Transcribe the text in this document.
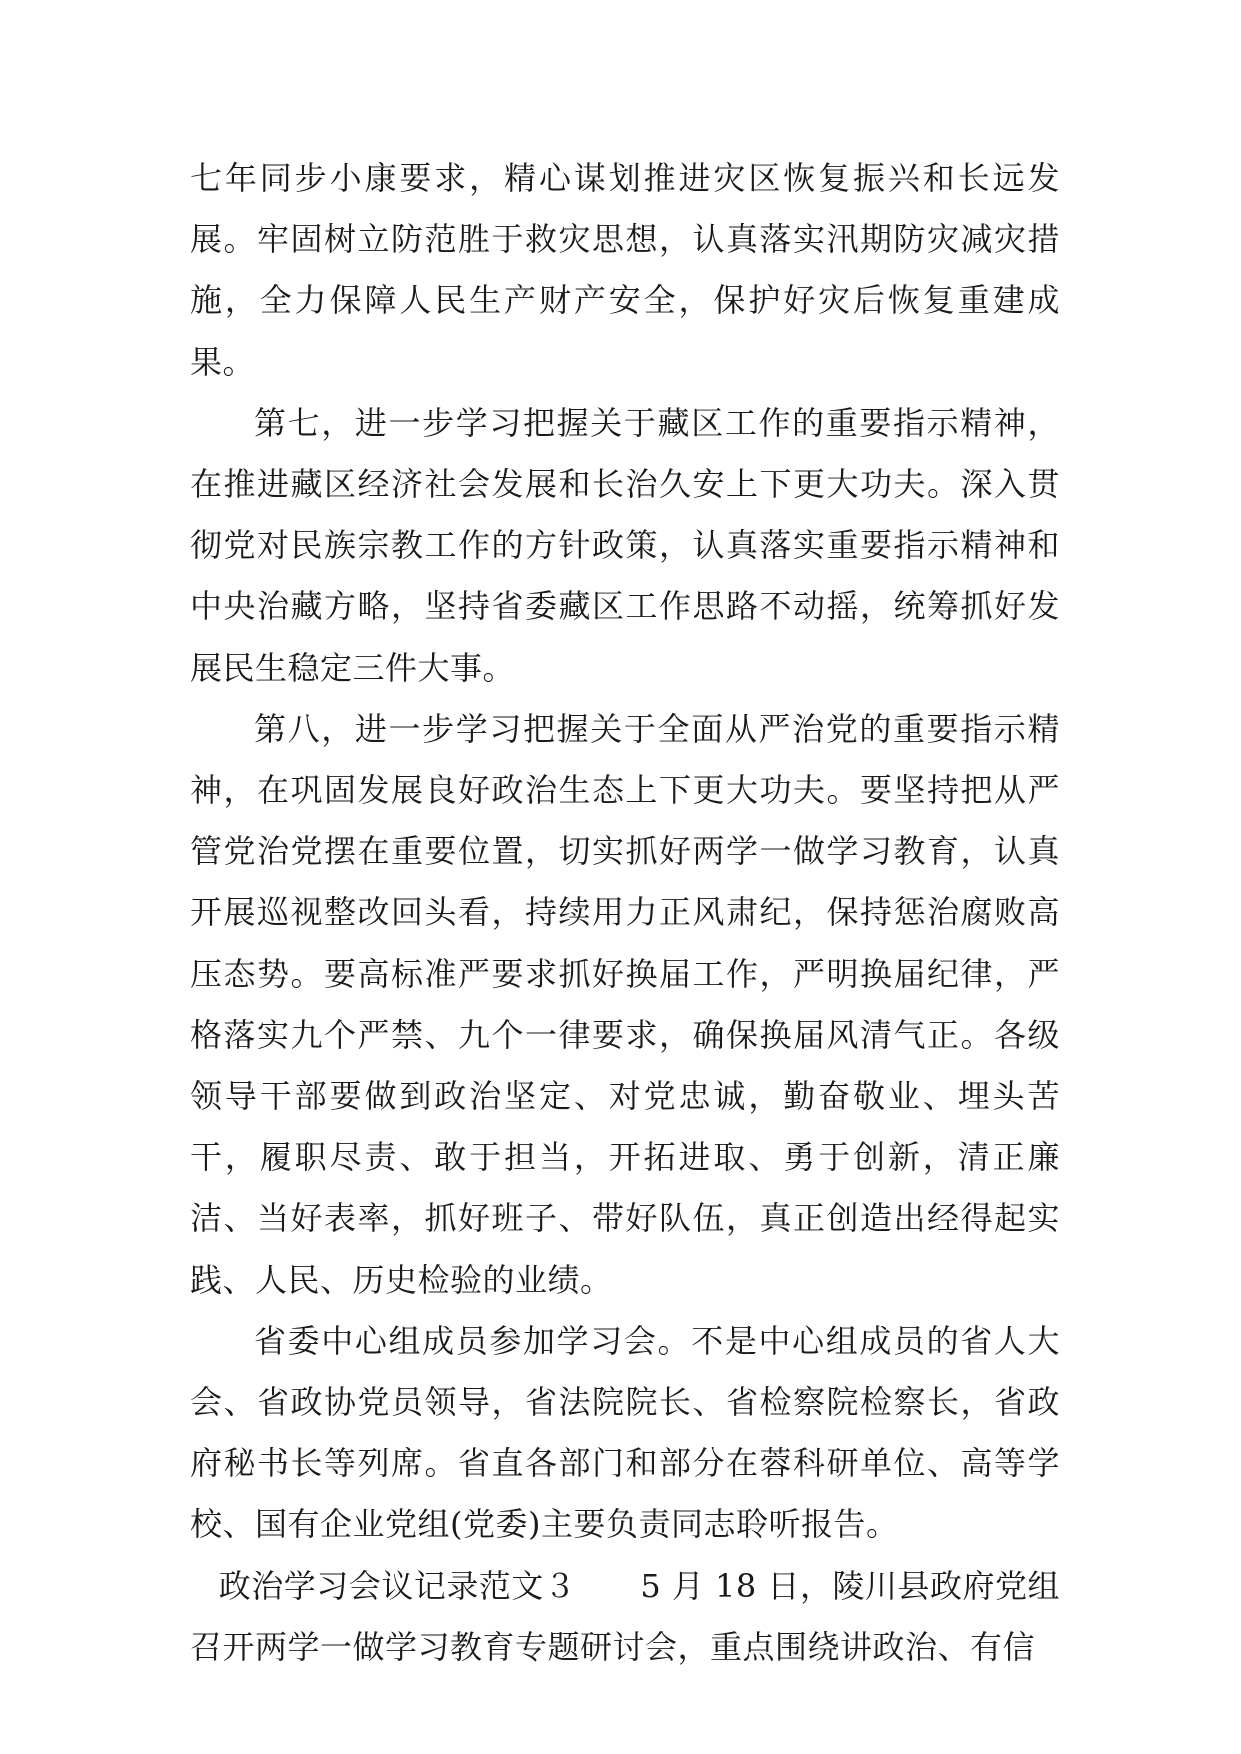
七年同步小康要求，精心谋划推进灾区恢复振兴和长远发展。牢固树立防范胜于救灾思想，认真落实汛期防灾减灾措施，全力保障人民生产财产安全，保护好灾后恢复重建成果。

第七，进一步学习把握关于藏区工作的重要指示精神，在推进藏区经济社会发展和长治久安上下更大功夫。深入贯彻党对民族宗教工作的方针政策，认真落实重要指示精神和中央治藏方略，坚持省委藏区工作思路不动摇，统筹抓好发展民生稳定三件大事。

第八，进一步学习把握关于全面从严治党的重要指示精神，在巩固发展良好政治生态上下更大功夫。要坚持把从严管党治党摆在重要位置，切实抓好两学一做学习教育，认真开展巡视整改回头看，持续用力正风肃纪，保持惩治腐败高压态势。要高标准严要求抓好换届工作，严明换届纪律，严格落实九个严禁、九个一律要求，确保换届风清气正。各级领导干部要做到政治坚定、对党忠诚，勤奋敬业、埋头苦干，履职尽责、敢于担当，开拓进取、勇于创新，清正廉洁、当好表率，抓好班子、带好队伍，真正创造出经得起实践、人民、历史检验的业绩。

省委中心组成员参加学习会。不是中心组成员的省人大会、省政协党员领导，省法院院长、省检察院检察长，省政府秘书长等列席。省直各部门和部分在蓉科研单位、高等学校、国有企业党组(党委)主要负责同志聆听报告。

政治学习会议记录范文３ 5 月 18 日，陵川县政府党组召开两学一做学习教育专题研讨会，重点围绕讲政治、有信
